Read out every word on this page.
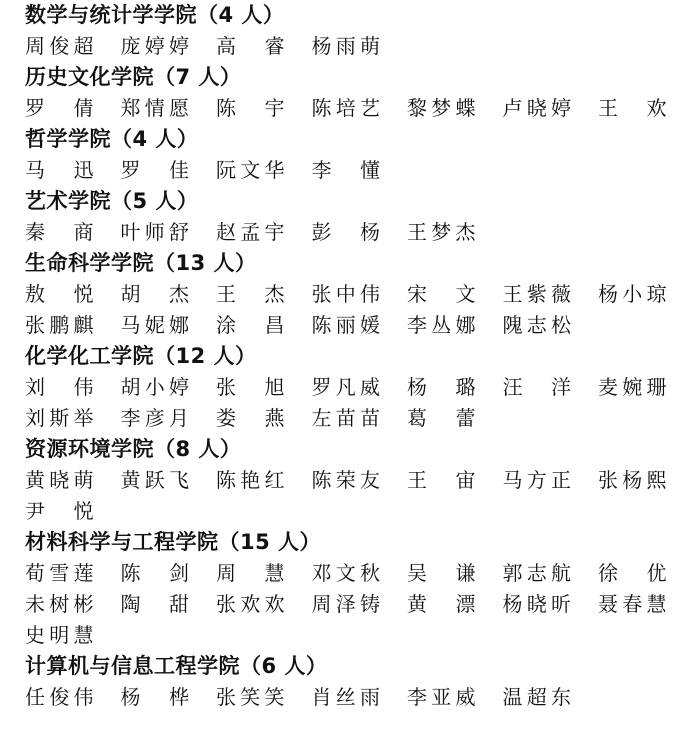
数学与统计学学院（4 人）
周俊超	庞婷婷	高　睿	杨雨萌
历史文化学院（7 人）
罗　倩	郑情愿	陈　宇	陈培艺	黎梦蝶	卢晓婷	王　欢
哲学学院（4 人）
马　迅	罗　佳	阮文华	李　懂
艺术学院（5 人）
秦　商	叶师舒	赵孟宇	彭　杨	王梦杰
生命科学学院（13 人）
敖　悦	胡　杰	王　杰	张中伟	宋　文	王紫薇	杨小琼
张鹏麒	马妮娜	涂　昌	陈丽媛	李丛娜	隗志松
化学化工学院（12 人）
刘　伟	胡小婷	张　旭	罗凡威	杨　璐	汪　洋	麦婉珊
刘斯举	李彦月	娄　燕	左苗苗	葛　蕾
资源环境学院（8 人）
黄晓萌	黄跃飞	陈艳红	陈荣友	王　宙	马方正	张杨熙
尹　悦
材料科学与工程学院（15 人）
荀雪莲	陈　剑	周　慧	邓文秋	吴　谦	郭志航	徐　优
未树彬	陶　甜	张欢欢	周泽铸	黄　漂	杨晓昕	聂春慧
史明慧
计算机与信息工程学院（6 人）
任俊伟	杨　桦	张笑笑	肖丝雨	李亚威	温超东
